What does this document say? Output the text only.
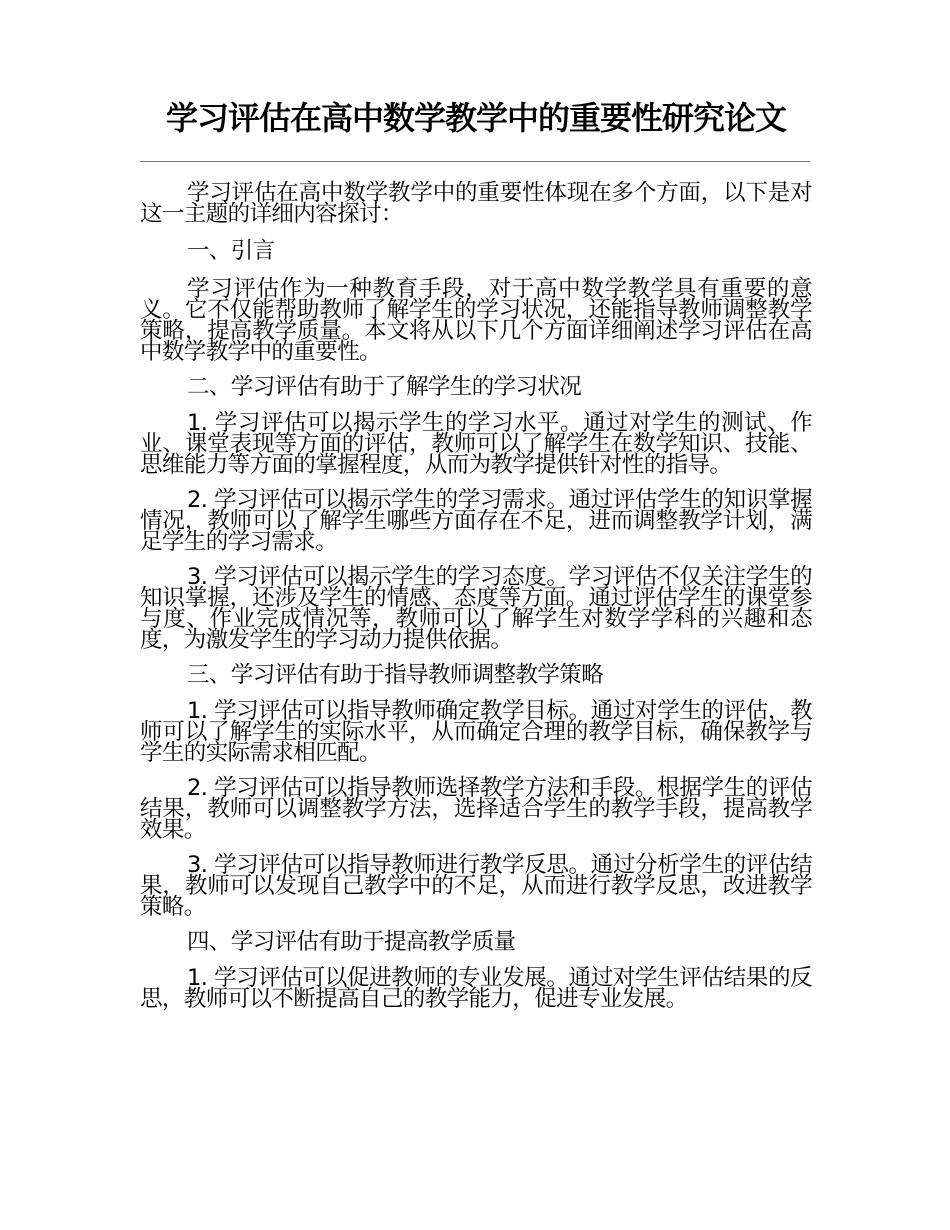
学习评估在高中数学教学中的重要性研究论文

学习评估在高中数学教学中的重要性体现在多个方面，以下是对这一主题的详细内容探讨：

一、引言

学习评估作为一种教育手段，对于高中数学教学具有重要的意义。它不仅能帮助教师了解学生的学习状况，还能指导教师调整教学策略，提高教学质量。本文将从以下几个方面详细阐述学习评估在高中数学教学中的重要性。

二、学习评估有助于了解学生的学习状况

1. 学习评估可以揭示学生的学习水平。通过对学生的测试、作业、课堂表现等方面的评估，教师可以了解学生在数学知识、技能、思维能力等方面的掌握程度，从而为教学提供针对性的指导。

2. 学习评估可以揭示学生的学习需求。通过评估学生的知识掌握情况，教师可以了解学生哪些方面存在不足，进而调整教学计划，满足学生的学习需求。

3. 学习评估可以揭示学生的学习态度。学习评估不仅关注学生的知识掌握，还涉及学生的情感、态度等方面。通过评估学生的课堂参与度、作业完成情况等，教师可以了解学生对数学学科的兴趣和态度，为激发学生的学习动力提供依据。

三、学习评估有助于指导教师调整教学策略

1. 学习评估可以指导教师确定教学目标。通过对学生的评估，教师可以了解学生的实际水平，从而确定合理的教学目标，确保教学与学生的实际需求相匹配。

2. 学习评估可以指导教师选择教学方法和手段。根据学生的评估结果，教师可以调整教学方法，选择适合学生的教学手段，提高教学效果。

3. 学习评估可以指导教师进行教学反思。通过分析学生的评估结果，教师可以发现自己教学中的不足，从而进行教学反思，改进教学策略。

四、学习评估有助于提高教学质量

1. 学习评估可以促进教师的专业发展。通过对学生评估结果的反思，教师可以不断提高自己的教学能力，促进专业发展。
